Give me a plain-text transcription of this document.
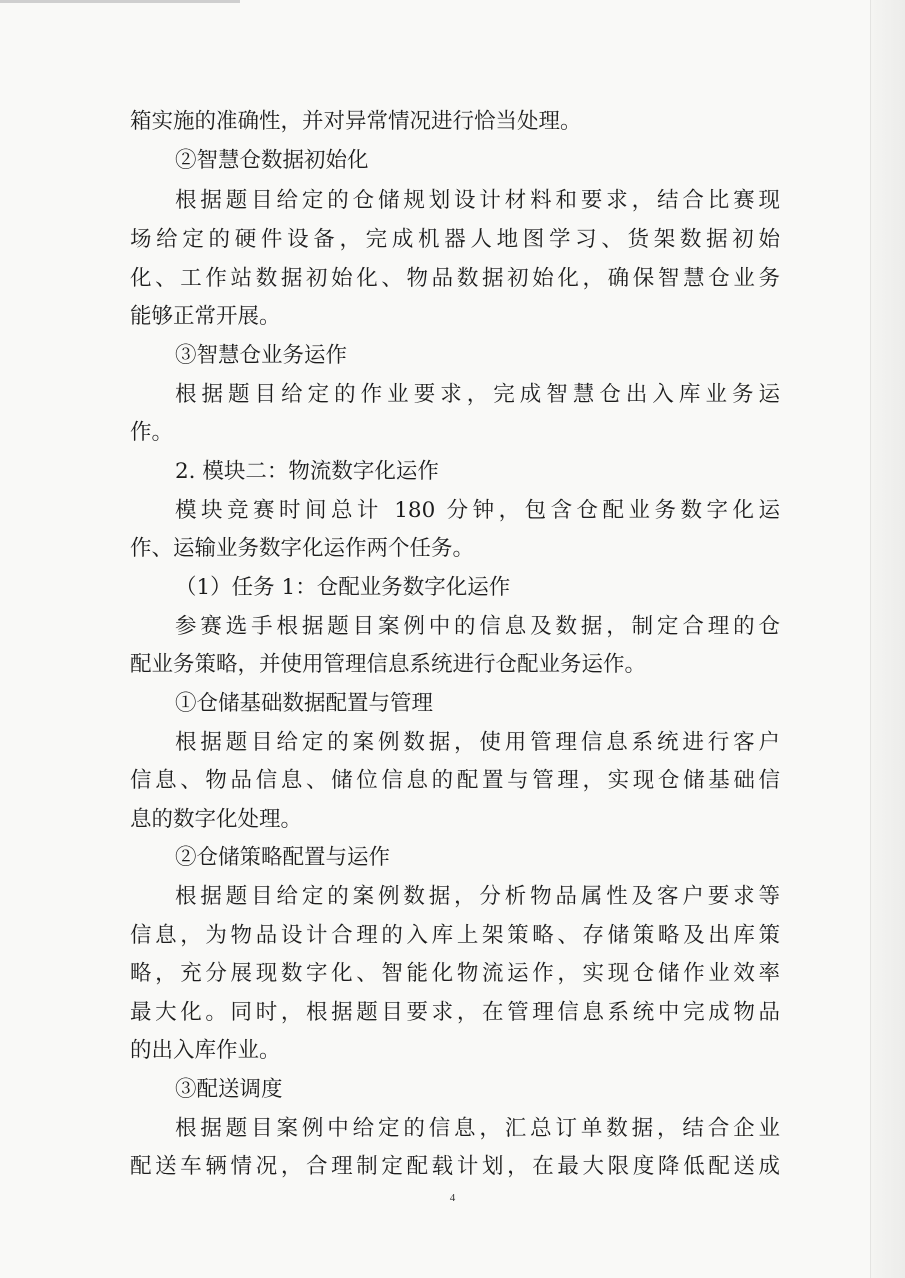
箱实施的准确性，并对异常情况进行恰当处理。
②智慧仓数据初始化
根据题目给定的仓储规划设计材料和要求，结合比赛现
场给定的硬件设备，完成机器人地图学习、货架数据初始
化、工作站数据初始化、物品数据初始化，确保智慧仓业务
能够正常开展。
③智慧仓业务运作
根据题目给定的作业要求，完成智慧仓出入库业务运
作。
2. 模块二：物流数字化运作
模块竞赛时间总计 180 分钟，包含仓配业务数字化运
作、运输业务数字化运作两个任务。
（1）任务 1：仓配业务数字化运作
参赛选手根据题目案例中的信息及数据，制定合理的仓
配业务策略，并使用管理信息系统进行仓配业务运作。
①仓储基础数据配置与管理
根据题目给定的案例数据，使用管理信息系统进行客户
信息、物品信息、储位信息的配置与管理，实现仓储基础信
息的数字化处理。
②仓储策略配置与运作
根据题目给定的案例数据，分析物品属性及客户要求等
信息，为物品设计合理的入库上架策略、存储策略及出库策
略，充分展现数字化、智能化物流运作，实现仓储作业效率
最大化。同时，根据题目要求，在管理信息系统中完成物品
的出入库作业。
③配送调度
根据题目案例中给定的信息，汇总订单数据，结合企业
配送车辆情况，合理制定配载计划，在最大限度降低配送成
4
